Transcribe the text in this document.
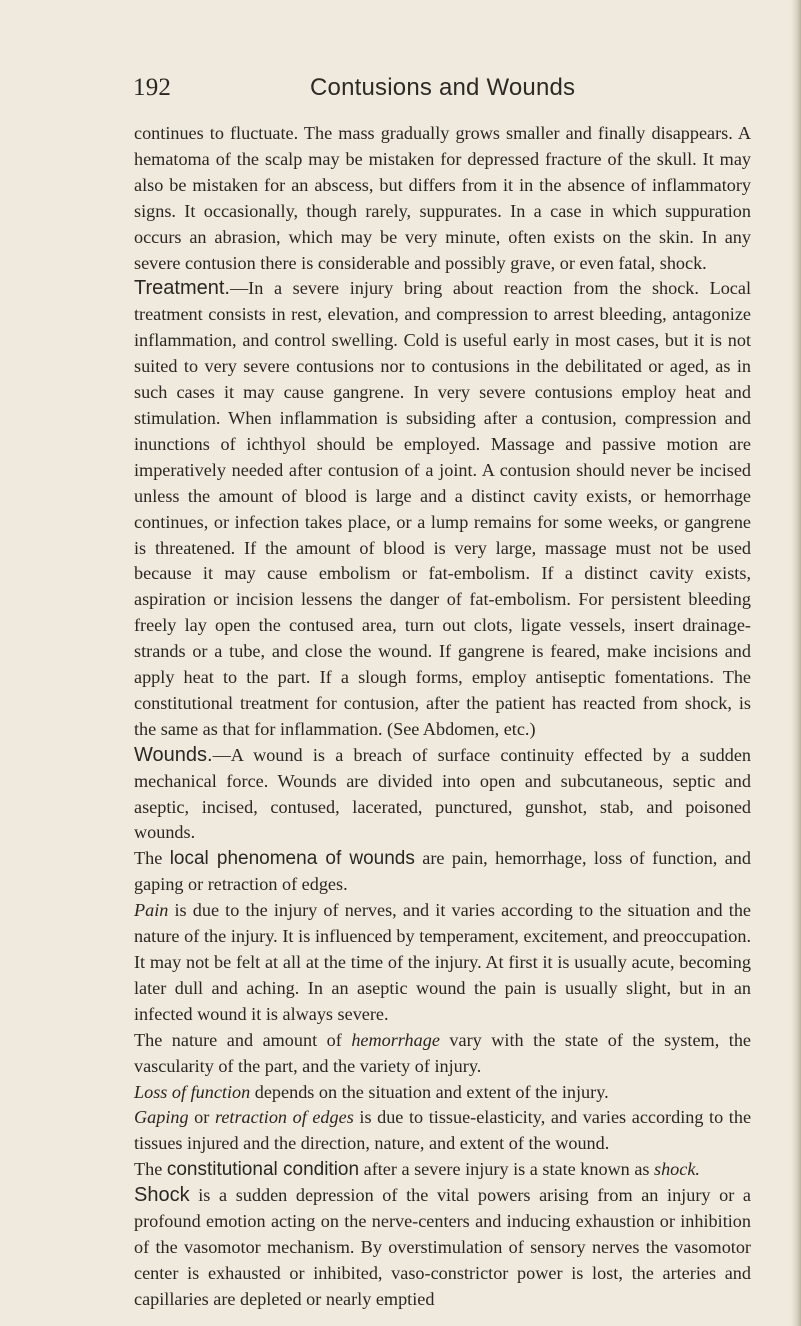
192	Contusions and Wounds

continues to fluctuate. The mass gradually grows smaller and finally disappears. A hematoma of the scalp may be mistaken for depressed fracture of the skull. It may also be mistaken for an abscess, but differs from it in the absence of inflammatory signs. It occasionally, though rarely, suppurates. In a case in which suppuration occurs an abrasion, which may be very minute, often exists on the skin. In any severe contusion there is considerable and possibly grave, or even fatal, shock.

Treatment.—In a severe injury bring about reaction from the shock. Local treatment consists in rest, elevation, and compression to arrest bleeding, antagonize inflammation, and control swelling. Cold is useful early in most cases, but it is not suited to very severe contusions nor to contusions in the debilitated or aged, as in such cases it may cause gangrene. In very severe contusions employ heat and stimulation. When inflammation is subsiding after a contusion, compression and inunctions of ichthyol should be employed. Massage and passive motion are imperatively needed after contusion of a joint. A contusion should never be incised unless the amount of blood is large and a distinct cavity exists, or hemorrhage continues, or infection takes place, or a lump remains for some weeks, or gangrene is threatened. If the amount of blood is very large, massage must not be used because it may cause embolism or fat-embolism. If a distinct cavity exists, aspiration or incision lessens the danger of fat-embolism. For persistent bleeding freely lay open the contused area, turn out clots, ligate vessels, insert drainage-strands or a tube, and close the wound. If gangrene is feared, make incisions and apply heat to the part. If a slough forms, employ antiseptic fomentations. The constitutional treatment for contusion, after the patient has reacted from shock, is the same as that for inflammation. (See Abdomen, etc.)

Wounds.—A wound is a breach of surface continuity effected by a sudden mechanical force. Wounds are divided into open and subcutaneous, septic and aseptic, incised, contused, lacerated, punctured, gunshot, stab, and poisoned wounds.

The local phenomena of wounds are pain, hemorrhage, loss of function, and gaping or retraction of edges.

Pain is due to the injury of nerves, and it varies according to the situation and the nature of the injury. It is influenced by temperament, excitement, and preoccupation. It may not be felt at all at the time of the injury. At first it is usually acute, becoming later dull and aching. In an aseptic wound the pain is usually slight, but in an infected wound it is always severe.

The nature and amount of hemorrhage vary with the state of the system, the vascularity of the part, and the variety of injury.

Loss of function depends on the situation and extent of the injury.

Gaping or retraction of edges is due to tissue-elasticity, and varies according to the tissues injured and the direction, nature, and extent of the wound.

The constitutional condition after a severe injury is a state known as shock.

Shock is a sudden depression of the vital powers arising from an injury or a profound emotion acting on the nerve-centers and inducing exhaustion or inhibition of the vasomotor mechanism. By overstimulation of sensory nerves the vasomotor center is exhausted or inhibited, vaso-constrictor power is lost, the arteries and capillaries are depleted or nearly emptied
